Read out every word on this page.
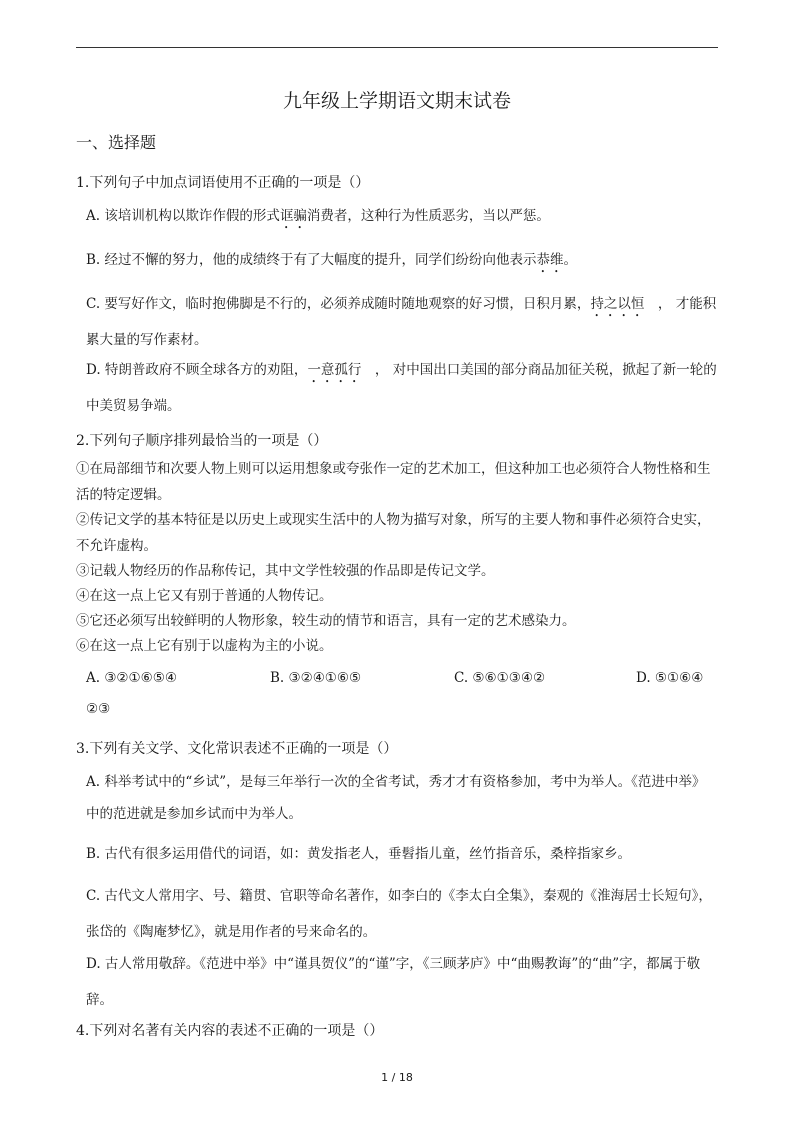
九年级上学期语文期末试卷
一、选择题
1.下列句子中加点词语使用不正确的一项是（）
A. 该培训机构以欺诈作假的形式诓骗消费者，这种行为性质恶劣，当以严惩。
B. 经过不懈的努力，他的成绩终于有了大幅度的提升，同学们纷纷向他表示恭维。
C. 要写好作文，临时抱佛脚是不行的，必须养成随时随地观察的好习惯，日积月累，持之以恒　， 才能积累大量的写作素材。
D. 特朗普政府不顾全球各方的劝阻，一意孤行　， 对中国出口美国的部分商品加征关税，掀起了新一轮的中美贸易争端。
2.下列句子顺序排列最恰当的一项是（）
①在局部细节和次要人物上则可以运用想象或夸张作一定的艺术加工，但这种加工也必须符合人物性格和生活的特定逻辑。
②传记文学的基本特征是以历史上或现实生活中的人物为描写对象，所写的主要人物和事件必须符合史实，不允许虚构。
③记载人物经历的作品称传记，其中文学性较强的作品即是传记文学。
④在这一点上它又有别于普通的人物传记。
⑤它还必须写出较鲜明的人物形象，较生动的情节和语言，具有一定的艺术感染力。
⑥在这一点上它有别于以虚构为主的小说。
A. ③②①⑥⑤④	B. ③②④①⑥⑤	C. ⑤⑥①③④②	D. ⑤①⑥④
②③
3.下列有关文学、文化常识表述不正确的一项是（）
A. 科举考试中的“乡试”，是每三年举行一次的全省考试，秀才才有资格参加，考中为举人。《范进中举》中的范进就是参加乡试而中为举人。
B. 古代有很多运用借代的词语，如：黄发指老人，垂髫指儿童，丝竹指音乐，桑梓指家乡。
C. 古代文人常用字、号、籍贯、官职等命名著作，如李白的《李太白全集》，秦观的《淮海居士长短句》，张岱的《陶庵梦忆》，就是用作者的号来命名的。
D. 古人常用敬辞。《范进中举》中“谨具贺仪”的“谨”字，《三顾茅庐》中“曲赐教诲”的“曲”字，都属于敬辞。
4.下列对名著有关内容的表述不正确的一项是（）
1 / 18
